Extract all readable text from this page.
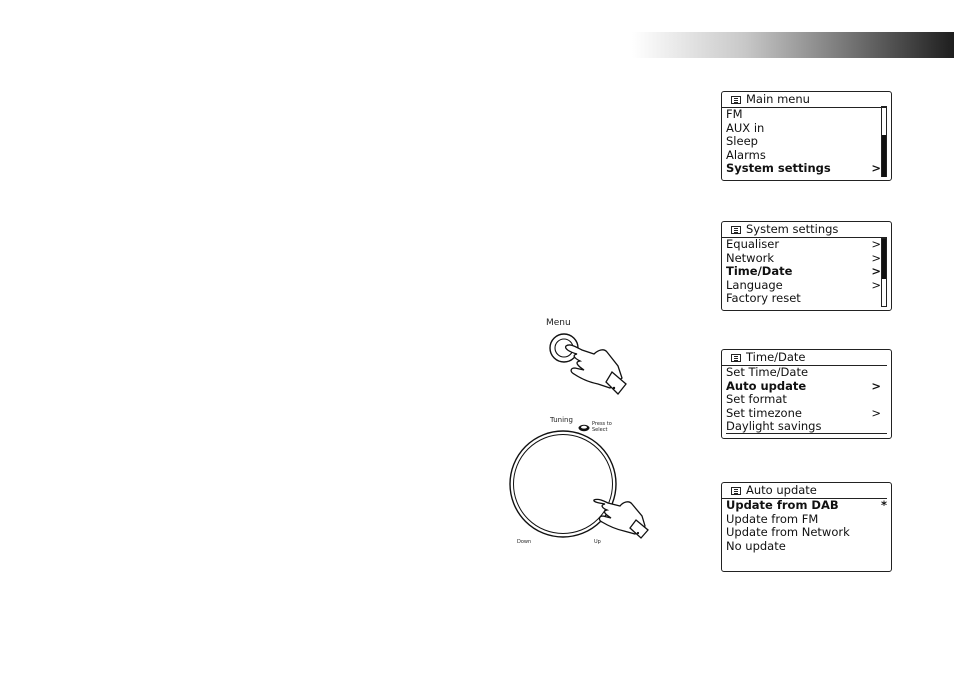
Main menu
FM
AUX in
Sleep
Alarms
System settings	>
System settings
Equaliser	>
Network	>
Time/Date	>
Language	>
Factory reset
Time/Date
Set Time/Date
Auto update	>
Set format
Set timezone	>
Daylight savings
Auto update
Update from DAB	*
Update from FM
Update from Network
No update
Menu
Tuning	Press to
Select
Down	Up
